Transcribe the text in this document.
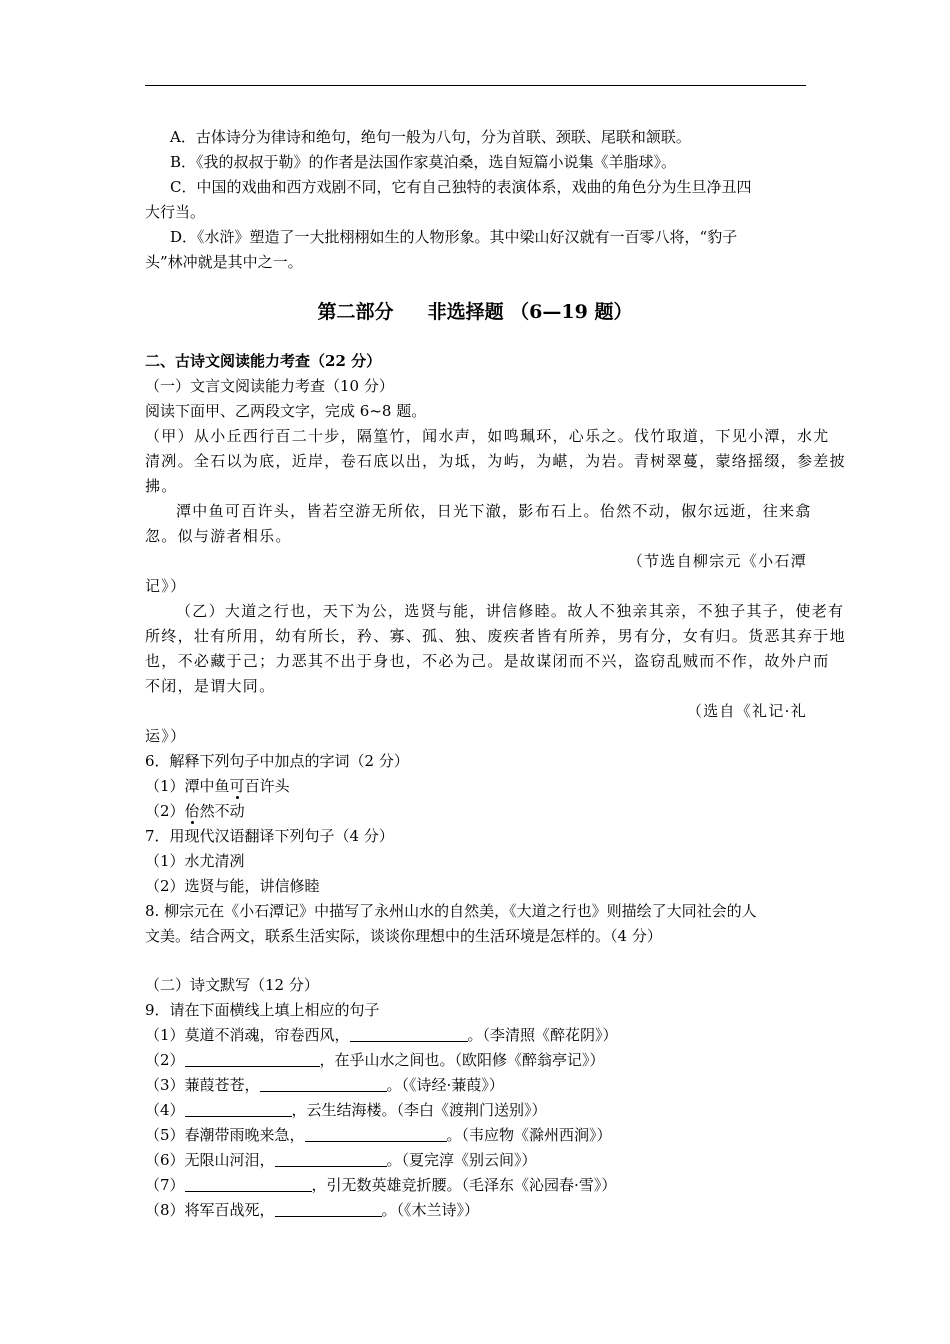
A．古体诗分为律诗和绝句，绝句一般为八句，分为首联、颈联、尾联和颔联。
B．《我的叔叔于勒》的作者是法国作家莫泊桑，选自短篇小说集《羊脂球》。
C．中国的戏曲和西方戏剧不同，它有自己独特的表演体系，戏曲的角色分为生旦净丑四
大行当。
D．《水浒》塑造了一大批栩栩如生的人物形象。其中梁山好汉就有一百零八将，“豹子
头”林冲就是其中之一。
第二部分 非选择题 （6—19 题）
二、古诗文阅读能力考查（22 分）
（一）文言文阅读能力考查（10 分）
阅读下面甲、乙两段文字，完成 6~8 题。
（甲）从小丘西行百二十步，隔篁竹，闻水声，如鸣珮环，心乐之。伐竹取道，下见小潭，水尤
清冽。全石以为底，近岸，卷石底以出，为坻，为屿，为嵁，为岩。青树翠蔓，蒙络摇缀，参差披
拂。
潭中鱼可百许头，皆若空游无所依，日光下澈，影布石上。佁然不动，俶尔远逝，往来翕
忽。似与游者相乐。
（节选自柳宗元《小石潭
记》）
（乙）大道之行也，天下为公，选贤与能，讲信修睦。故人不独亲其亲，不独子其子，使老有
所终，壮有所用，幼有所长，矜、寡、孤、独、废疾者皆有所养，男有分，女有归。货恶其弃于地
也，不必藏于己；力恶其不出于身也，不必为己。是故谋闭而不兴，盗窃乱贼而不作，故外户而
不闭，是谓大同。
（选自《礼记·礼
运》）
6．解释下列句子中加点的字词（2 分）
（1）潭中鱼可百许头
（2）佁然不动
7．用现代汉语翻译下列句子（4 分）
（1）水尤清冽
（2）选贤与能，讲信修睦
8. 柳宗元在《小石潭记》中描写了永州山水的自然美，《大道之行也》则描绘了大同社会的人
文美。结合两文，联系生活实际，谈谈你理想中的生活环境是怎样的。（4 分）
（二）诗文默写（12 分）
9．请在下面横线上填上相应的句子
（1）莫道不消魂，帘卷西风，	。（李清照《醉花阴》）
（2）	，在乎山水之间也。（欧阳修《醉翁亭记》）
（3）蒹葭苍苍，	。（《诗经·蒹葭》）
（4）	，云生结海楼。（李白《渡荆门送别》）
（5）春潮带雨晚来急，	。（韦应物《滁州西涧》）
（6）无限山河泪，	。（夏完淳《别云间》）
（7）	，引无数英雄竞折腰。（毛泽东《沁园春·雪》）
（8）将军百战死，	。（《木兰诗》）
